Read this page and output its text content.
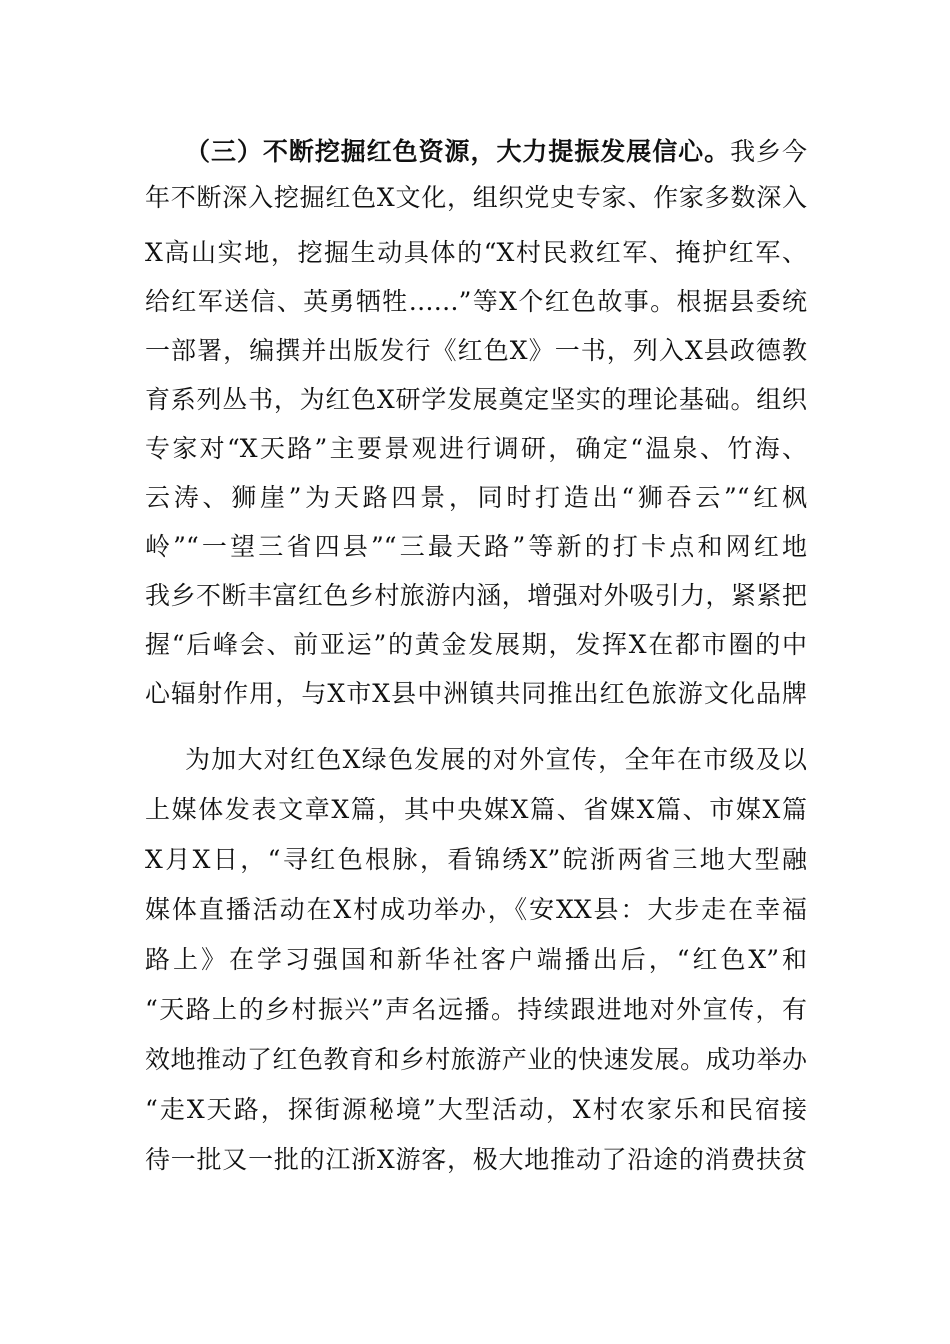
（三）不断挖掘红色资源，大力提振发展信心。我乡今
年不断深入挖掘红色X文化，组织党史专家、作家多数深入
X高山实地，挖掘生动具体的“X村民救红军、掩护红军、
给红军送信、英勇牺牲……”等X个红色故事。根据县委统
一部署，编撰并出版发行《红色X》一书，列入X县政德教
育系列丛书，为红色X研学发展奠定坚实的理论基础。组织
专家对“X天路”主要景观进行调研，确定“温泉、竹海、
云涛、狮崖”为天路四景，同时打造出“狮吞云”“红枫
岭”“一望三省四县”“三最天路”等新的打卡点和网红地
我乡不断丰富红色乡村旅游内涵，增强对外吸引力，紧紧把
握“后峰会、前亚运”的黄金发展期，发挥X在都市圈的中
心辐射作用，与X市X县中洲镇共同推出红色旅游文化品牌
为加大对红色X绿色发展的对外宣传，全年在市级及以
上媒体发表文章X篇，其中央媒X篇、省媒X篇、市媒X篇
X月X日，“寻红色根脉，看锦绣X”皖浙两省三地大型融
媒体直播活动在X村成功举办，《安XX县：大步走在幸福
路上》在学习强国和新华社客户端播出后，“红色X”和
“天路上的乡村振兴”声名远播。持续跟进地对外宣传，有
效地推动了红色教育和乡村旅游产业的快速发展。成功举办
“走X天路，探街源秘境”大型活动，X村农家乐和民宿接
待一批又一批的江浙X游客，极大地推动了沿途的消费扶贫
